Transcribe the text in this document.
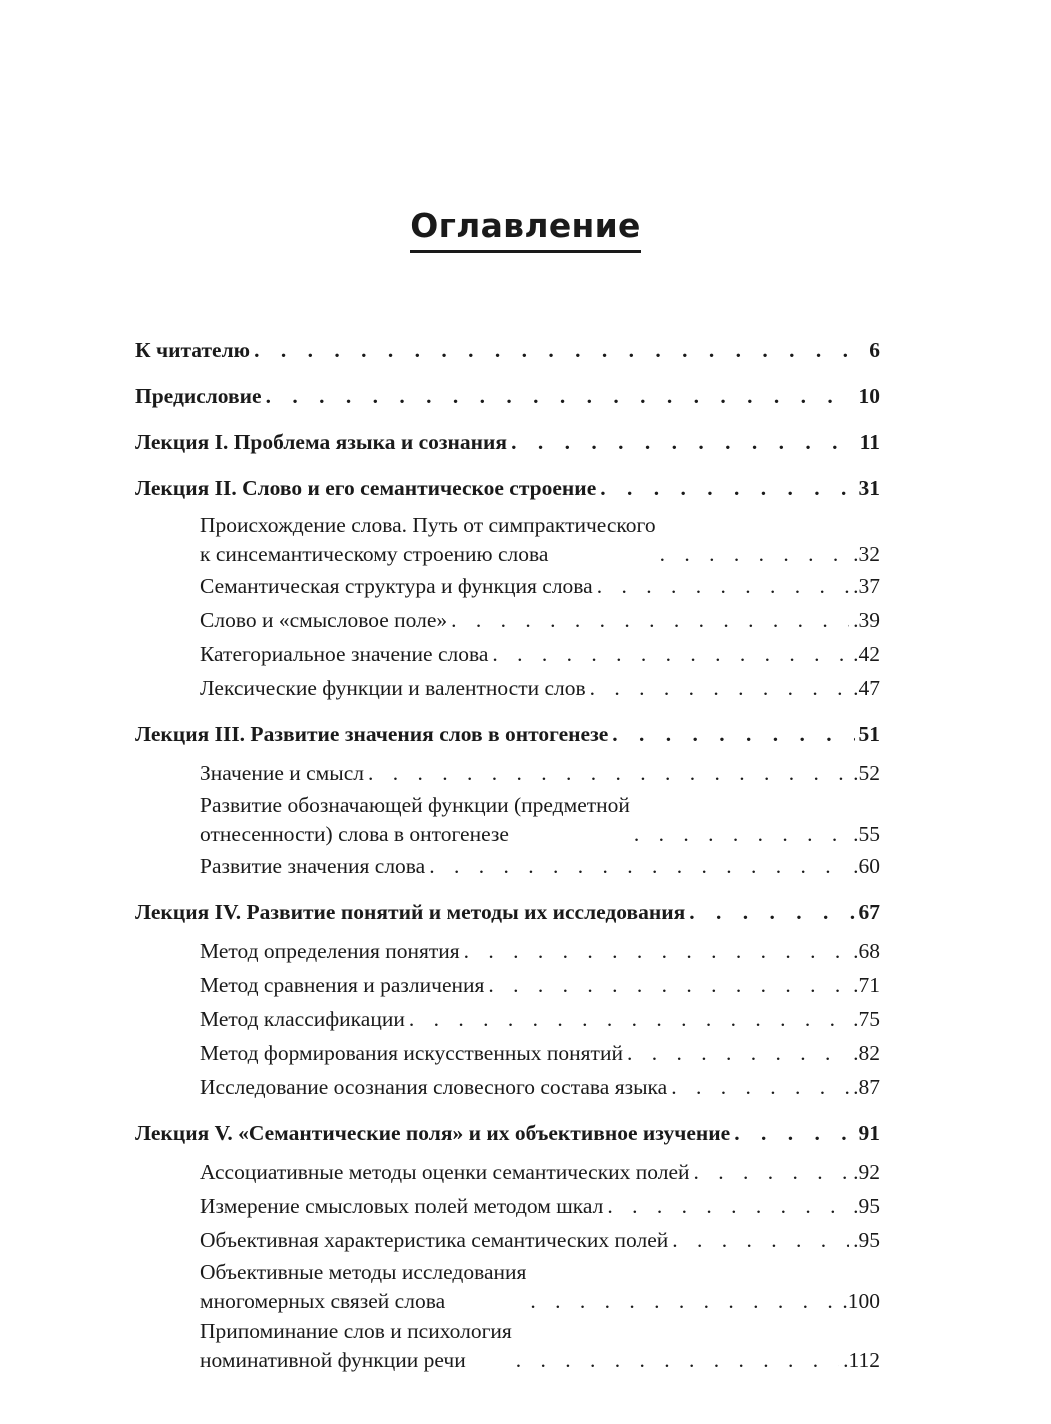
Оглавление
К читателю . . .	6
Предисловие . . .	10
Лекция I. Проблема языка и сознания . . .	11
Лекция II. Слово и его семантическое строение . . .	31
Происхождение слова. Путь от симпрактического
к синсемантическому строению слова . . .	.32
Семантическая структура и функция слова . . .	.37
Слово и «смысловое поле» . . .	.39
Категориальное значение слова . . .	.42
Лексические функции и валентности слов . . .	.47
Лекция III. Развитие значения слов в онтогенезе . . .	51
Значение и смысл . . .	.52
Развитие обозначающей функции (предметной
отнесенности) слова в онтогенезе . . .	.55
Развитие значения слова . . .	.60
Лекция IV. Развитие понятий и методы их исследования . . .	67
Метод определения понятия . . .	.68
Метод сравнения и различения . . .	.71
Метод классификации . . .	.75
Метод формирования искусственных понятий . . .	.82
Исследование осознания словесного состава языка . . .	.87
Лекция V. «Семантические поля» и их объективное изучение . . .	91
Ассоциативные методы оценки семантических полей . . .	.92
Измерение смысловых полей методом шкал . . .	.95
Объективная характеристика семантических полей . . .	.95
Объективные методы исследования
многомерных связей слова . . .	.100
Припоминание слов и психология
номинативной функции речи . . .	.112
